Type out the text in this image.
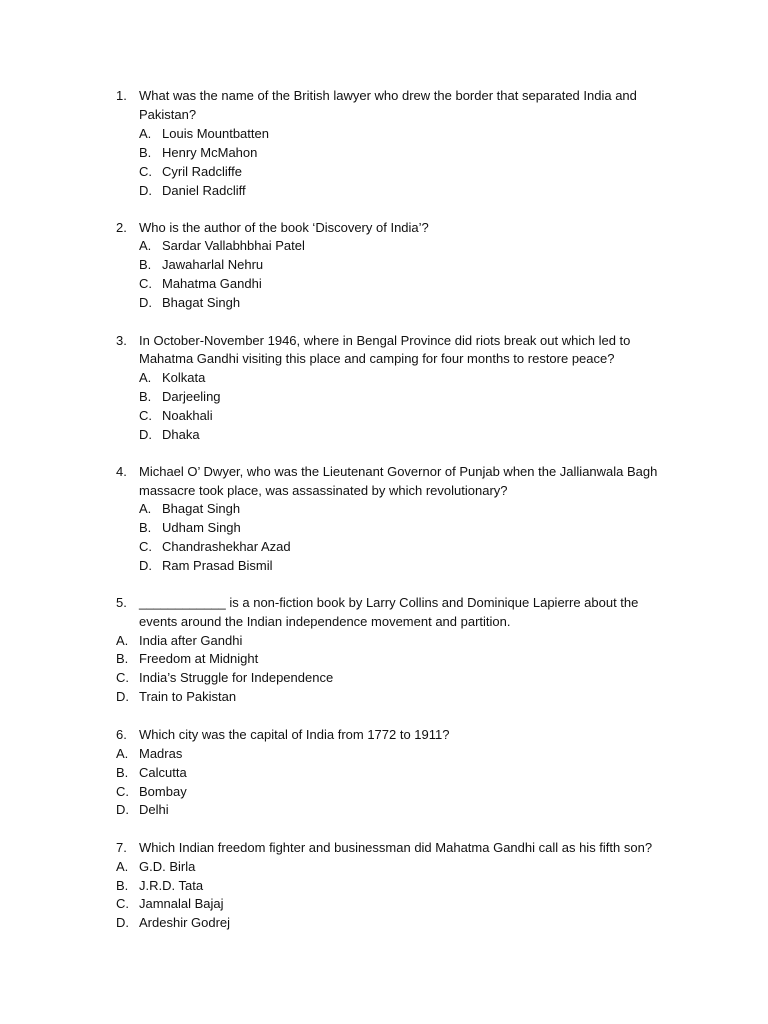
1. What was the name of the British lawyer who drew the border that separated India and
Pakistan?
A. Louis Mountbatten
B. Henry McMahon
C. Cyril Radcliffe
D. Daniel Radcliff
2. Who is the author of the book ‘Discovery of India’?
A. Sardar Vallabhbhai Patel
B. Jawaharlal Nehru
C. Mahatma Gandhi
D. Bhagat Singh
3. In October-November 1946, where in Bengal Province did riots break out which led to
Mahatma Gandhi visiting this place and camping for four months to restore peace?
A. Kolkata
B. Darjeeling
C. Noakhali
D. Dhaka
4. Michael O’ Dwyer, who was the Lieutenant Governor of Punjab when the Jallianwala Bagh
massacre took place, was assassinated by which revolutionary?
A. Bhagat Singh
B. Udham Singh
C. Chandrashekhar Azad
D. Ram Prasad Bismil
5. ____________ is a non-fiction book by Larry Collins and Dominique Lapierre about the
events around the Indian independence movement and partition.
A. India after Gandhi
B. Freedom at Midnight
C. India’s Struggle for Independence
D. Train to Pakistan
6. Which city was the capital of India from 1772 to 1911?
A. Madras
B. Calcutta
C. Bombay
D. Delhi
7. Which Indian freedom fighter and businessman did Mahatma Gandhi call as his fifth son?
A. G.D. Birla
B. J.R.D. Tata
C. Jamnalal Bajaj
D. Ardeshir Godrej
